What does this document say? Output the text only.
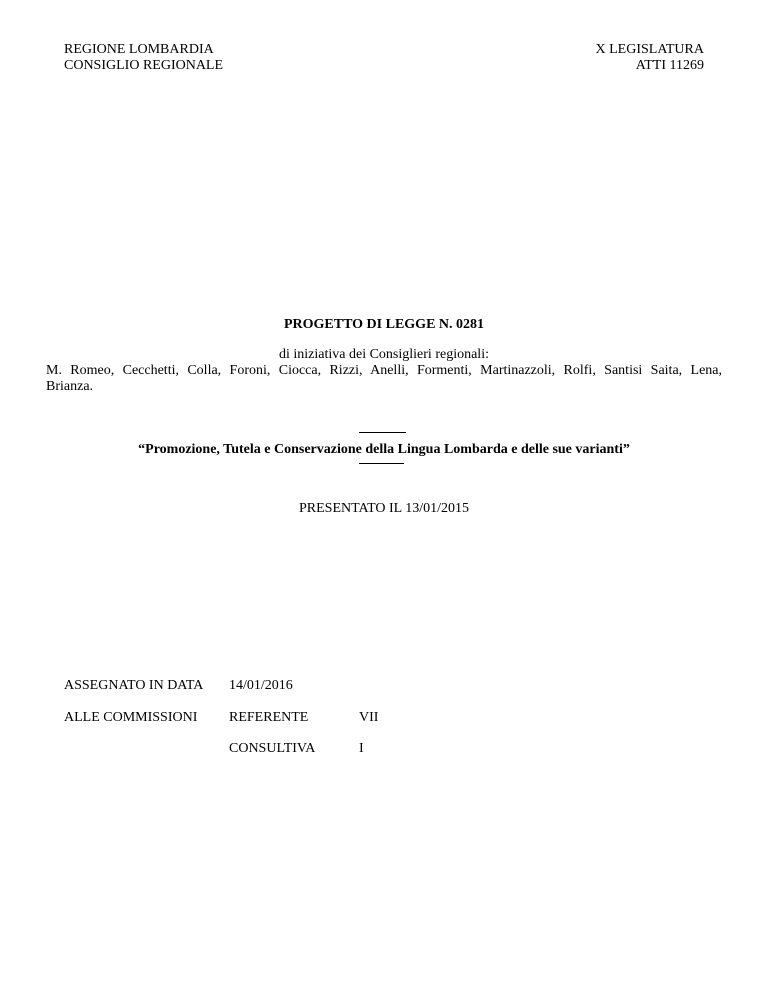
REGIONE LOMBARDIA
CONSIGLIO REGIONALE
X LEGISLATURA
ATTI 11269
PROGETTO DI LEGGE N. 0281
di iniziativa dei Consiglieri regionali:
M. Romeo, Cecchetti, Colla, Foroni, Ciocca, Rizzi, Anelli, Formenti, Martinazzoli, Rolfi, Santisi Saita, Lena, Brianza.
“Promozione, Tutela e Conservazione della Lingua Lombarda e delle sue varianti”
PRESENTATO IL 13/01/2015
ASSEGNATO IN DATA 14/01/2016
ALLE COMMISSIONI REFERENTE	VII
CONSULTIVA	I
